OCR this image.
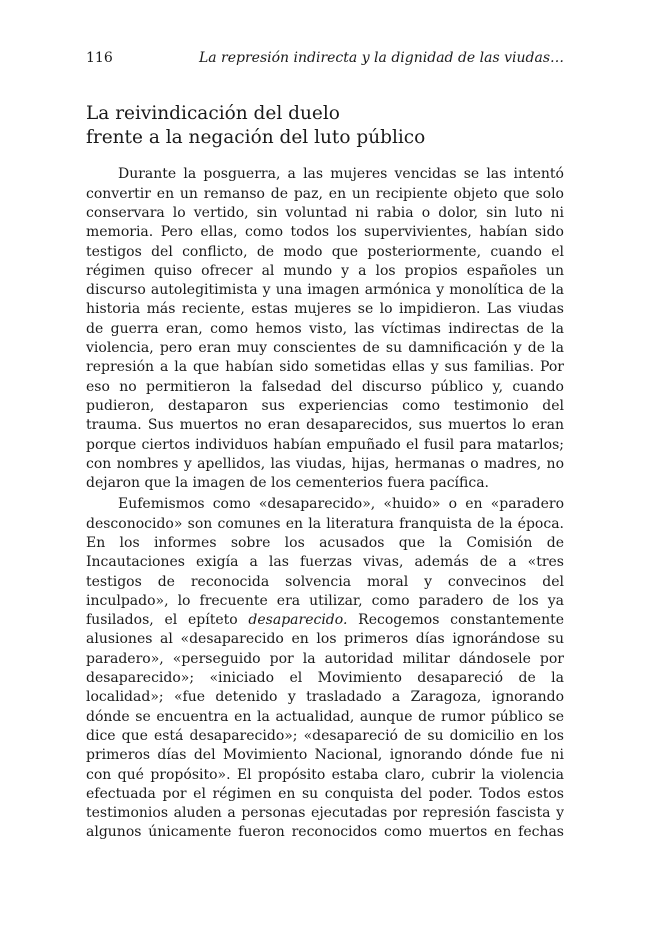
116	La represión indirecta y la dignidad de las viudas…
La reivindicación del duelo
frente a la negación del luto público

Durante la posguerra, a las mujeres vencidas se las intentó convertir en un remanso de paz, en un recipiente objeto que solo conservara lo vertido, sin voluntad ni rabia o dolor, sin luto ni memoria. Pero ellas, como todos los supervivientes, habían sido testigos del conflicto, de modo que posteriormente, cuando el régimen quiso ofrecer al mundo y a los propios españoles un discurso autolegitimista y una imagen armónica y monolítica de la historia más reciente, estas mujeres se lo impidieron. Las viudas de guerra eran, como hemos visto, las víctimas indirectas de la violencia, pero eran muy conscientes de su damnificación y de la represión a la que habían sido sometidas ellas y sus familias. Por eso no permitieron la falsedad del discurso público y, cuando pudieron, destaparon sus experiencias como testimonio del trauma. Sus muertos no eran desaparecidos, sus muertos lo eran porque ciertos individuos habían empuñado el fusil para matarlos; con nombres y apellidos, las viudas, hijas, hermanas o madres, no dejaron que la imagen de los cementerios fuera pacífica.

Eufemismos como «desaparecido», «huido» o en «paradero desconocido» son comunes en la literatura franquista de la época. En los informes sobre los acusados que la Comisión de Incautaciones exigía a las fuerzas vivas, además de a «tres testigos de reconocida solvencia moral y convecinos del inculpado», lo frecuente era utilizar, como paradero de los ya fusilados, el epíteto desaparecido. Recogemos constantemente alusiones al «desaparecido en los primeros días ignorándose su paradero», «perseguido por la autoridad militar dándosele por desaparecido»; «iniciado el Movimiento desapareció de la localidad»; «fue detenido y trasladado a Zaragoza, ignorando dónde se encuentra en la actualidad, aunque de rumor público se dice que está desaparecido»; «desapareció de su domicilio en los primeros días del Movimiento Nacional, ignorando dónde fue ni con qué propósito». El propósito estaba claro, cubrir la violencia efectuada por el régimen en su conquista del poder. Todos estos testimonios aluden a personas ejecutadas por represión fascista y algunos únicamente fueron reconocidos como muertos en fechas
